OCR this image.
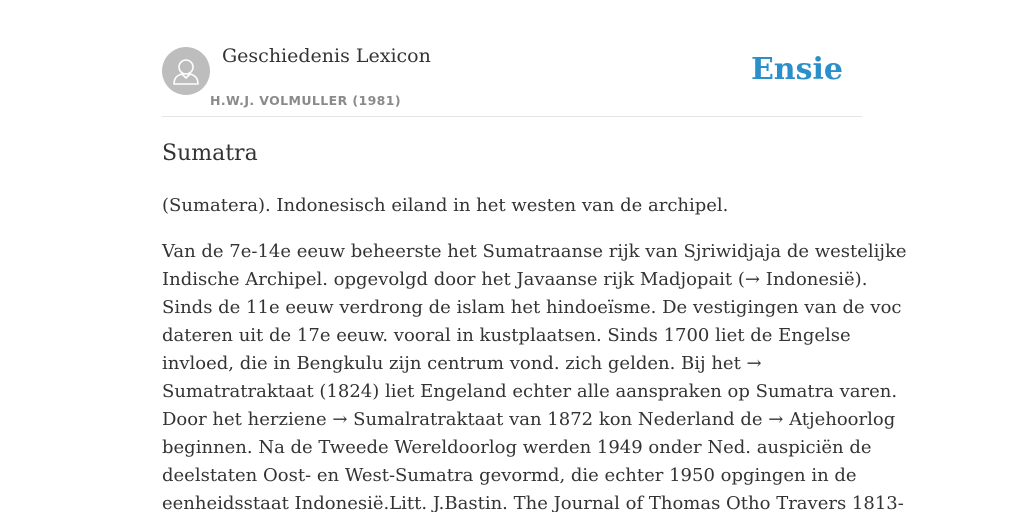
Geschiedenis Lexicon
H.W.J. VOLMULLER (1981)
Ensie
Sumatra

(Sumatera). Indonesisch eiland in het westen van de archipel.

Van de 7e-14e eeuw beheerste het Sumatraanse rijk van Sjriwidjaja de westelijke
Indische Archipel. opgevolgd door het Javaanse rijk Madjopait (→ Indonesië).
Sinds de 11e eeuw verdrong de islam het hindoeïsme. De vestigingen van de voc
dateren uit de 17e eeuw. vooral in kustplaatsen. Sinds 1700 liet de Engelse
invloed, die in Bengkulu zijn centrum vond. zich gelden. Bij het →
Sumatratraktaat (1824) liet Engeland echter alle aanspraken op Sumatra varen.
Door het herziene → Sumalratraktaat van 1872 kon Nederland de → Atjehoorlog
beginnen. Na de Tweede Wereldoorlog werden 1949 onder Ned. auspiciën de
deelstaten Oost- en West-Sumatra gevormd, die echter 1950 opgingen in de
eenheidsstaat Indonesië.Litt. J.Bastin. The Journal of Thomas Otho Travers 1813-
